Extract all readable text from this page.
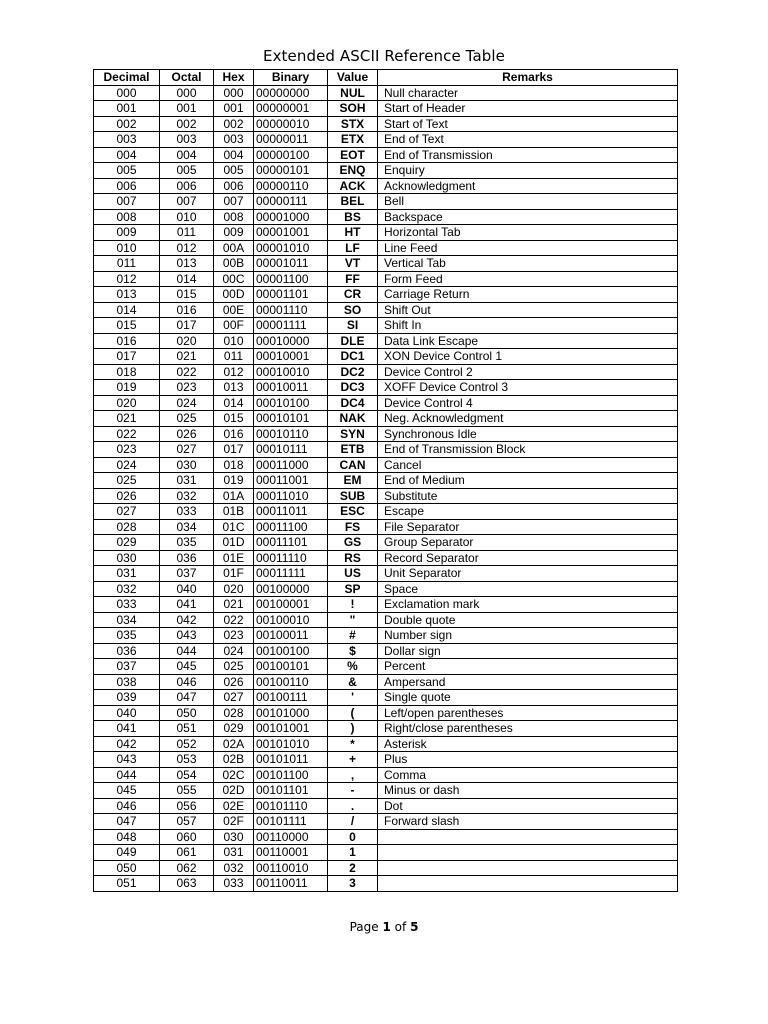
Extended ASCII Reference Table
Decimal	Octal	Hex	Binary	Value	Remarks
000	000	000	00000000	NUL	Null character
001	001	001	00000001	SOH	Start of Header
002	002	002	00000010	STX	Start of Text
003	003	003	00000011	ETX	End of Text
004	004	004	00000100	EOT	End of Transmission
005	005	005	00000101	ENQ	Enquiry
006	006	006	00000110	ACK	Acknowledgment
007	007	007	00000111	BEL	Bell
008	010	008	00001000	BS	Backspace
009	011	009	00001001	HT	Horizontal Tab
010	012	00A	00001010	LF	Line Feed
011	013	00B	00001011	VT	Vertical Tab
012	014	00C	00001100	FF	Form Feed
013	015	00D	00001101	CR	Carriage Return
014	016	00E	00001110	SO	Shift Out
015	017	00F	00001111	SI	Shift In
016	020	010	00010000	DLE	Data Link Escape
017	021	011	00010001	DC1	XON Device Control 1
018	022	012	00010010	DC2	Device Control 2
019	023	013	00010011	DC3	XOFF Device Control 3
020	024	014	00010100	DC4	Device Control 4
021	025	015	00010101	NAK	Neg. Acknowledgment
022	026	016	00010110	SYN	Synchronous Idle
023	027	017	00010111	ETB	End of Transmission Block
024	030	018	00011000	CAN	Cancel
025	031	019	00011001	EM	End of Medium
026	032	01A	00011010	SUB	Substitute
027	033	01B	00011011	ESC	Escape
028	034	01C	00011100	FS	File Separator
029	035	01D	00011101	GS	Group Separator
030	036	01E	00011110	RS	Record Separator
031	037	01F	00011111	US	Unit Separator
032	040	020	00100000	SP	Space
033	041	021	00100001	!	Exclamation mark
034	042	022	00100010	"	Double quote
035	043	023	00100011	#	Number sign
036	044	024	00100100	$	Dollar sign
037	045	025	00100101	%	Percent
038	046	026	00100110	&	Ampersand
039	047	027	00100111	'	Single quote
040	050	028	00101000	(	Left/open parentheses
041	051	029	00101001	)	Right/close parentheses
042	052	02A	00101010	*	Asterisk
043	053	02B	00101011	+	Plus
044	054	02C	00101100	,	Comma
045	055	02D	00101101	-	Minus or dash
046	056	02E	00101110	.	Dot
047	057	02F	00101111	/	Forward slash
048	060	030	00110000	0	
049	061	031	00110001	1	
050	062	032	00110010	2	
051	063	033	00110011	3	
Page 1 of 5
